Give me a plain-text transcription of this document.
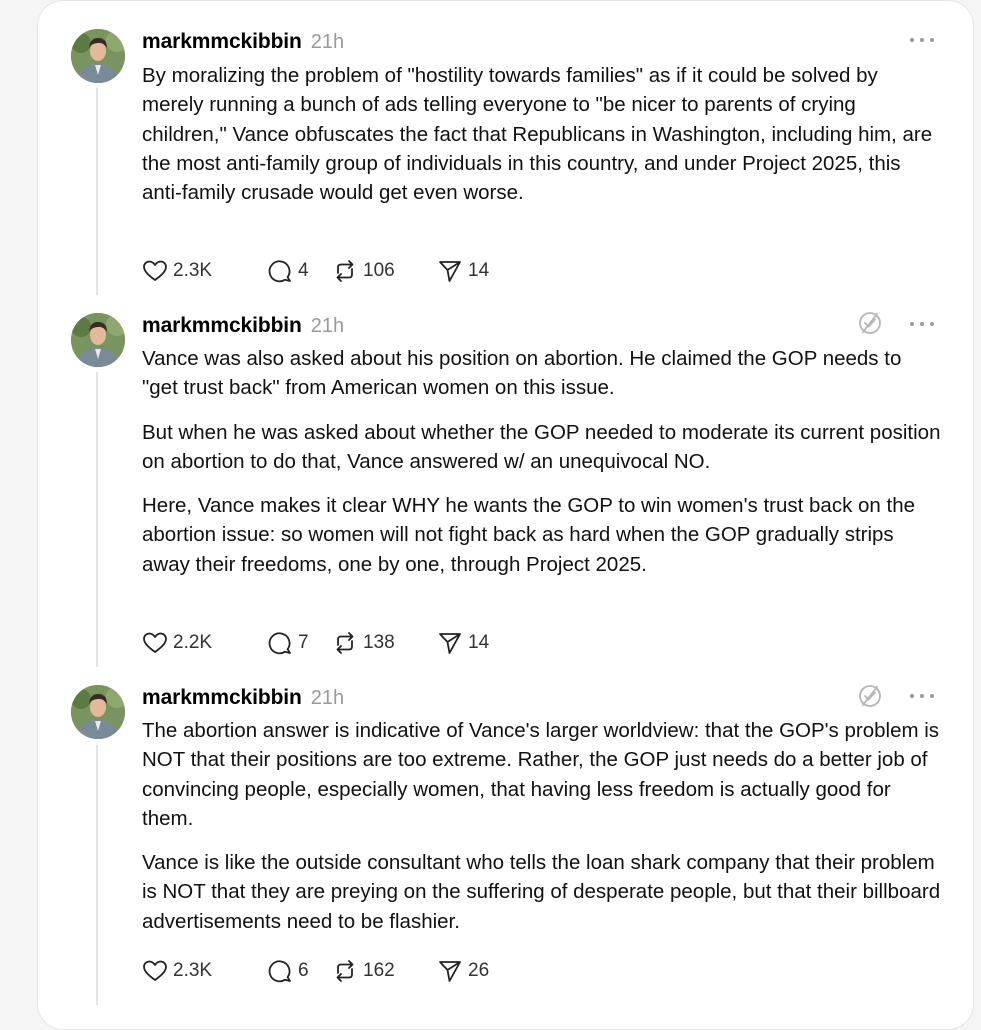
markmmckibbin 21h

By moralizing the problem of "hostility towards families" as if it could be solved by merely running a bunch of ads telling everyone to "be nicer to parents of crying children," Vance obfuscates the fact that Republicans in Washington, including him, are the most anti-family group of individuals in this country, and under Project 2025, this anti-family crusade would get even worse.

2.3K	4	106	14
markmmckibbin 21h

Vance was also asked about his position on abortion. He claimed the GOP needs to "get trust back" from American women on this issue.

But when he was asked about whether the GOP needed to moderate its current position on abortion to do that, Vance answered w/ an unequivocal NO.

Here, Vance makes it clear WHY he wants the GOP to win women's trust back on the abortion issue: so women will not fight back as hard when the GOP gradually strips away their freedoms, one by one, through Project 2025.

2.2K	7	138	14
markmmckibbin 21h

The abortion answer is indicative of Vance's larger worldview: that the GOP's problem is NOT that their positions are too extreme. Rather, the GOP just needs do a better job of convincing people, especially women, that having less freedom is actually good for them.

Vance is like the outside consultant who tells the loan shark company that their problem is NOT that they are preying on the suffering of desperate people, but that their billboard advertisements need to be flashier.

2.3K	6	162	26
